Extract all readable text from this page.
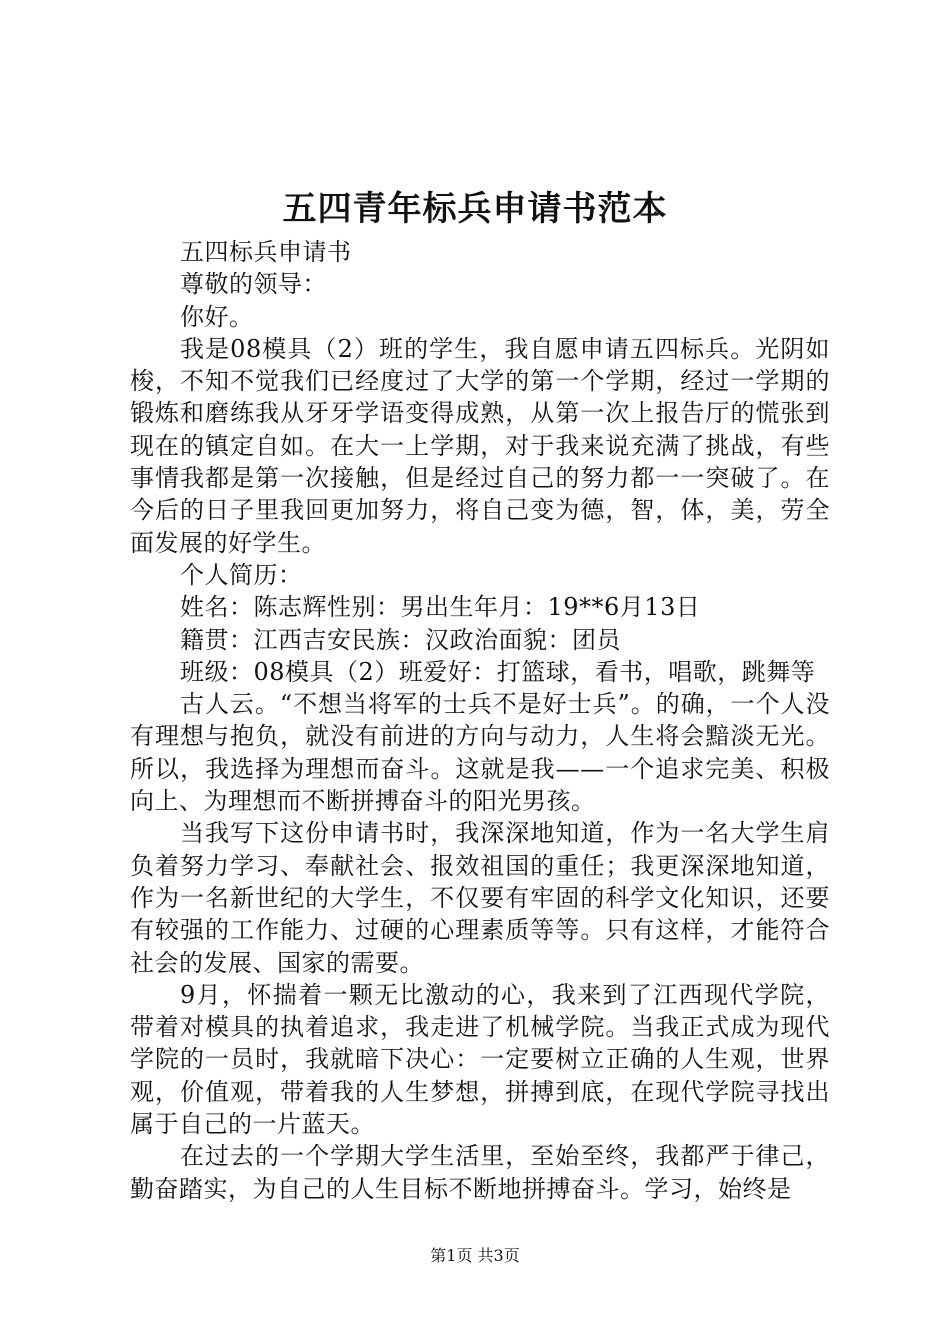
五四青年标兵申请书范本

五四标兵申请书

尊敬的领导：

你好。

我是08模具（2）班的学生，我自愿申请五四标兵。光阴如梭，不知不觉我们已经度过了大学的第一个学期，经过一学期的锻炼和磨练我从牙牙学语变得成熟，从第一次上报告厅的慌张到现在的镇定自如。在大一上学期，对于我来说充满了挑战，有些事情我都是第一次接触，但是经过自己的努力都一一突破了。在今后的日子里我回更加努力，将自己变为德，智，体，美，劳全面发展的好学生。

个人简历：

姓名：陈志辉性别：男出生年月：19**6月13日

籍贯：江西吉安民族：汉政治面貌：团员

班级：08模具（2）班爱好：打篮球，看书，唱歌，跳舞等

古人云。“不想当将军的士兵不是好士兵”。的确，一个人没有理想与抱负，就没有前进的方向与动力，人生将会黯淡无光。所以，我选择为理想而奋斗。这就是我——一个追求完美、积极向上、为理想而不断拼搏奋斗的阳光男孩。

当我写下这份申请书时，我深深地知道，作为一名大学生肩负着努力学习、奉献社会、报效祖国的重任；我更深深地知道，作为一名新世纪的大学生，不仅要有牢固的科学文化知识，还要有较强的工作能力、过硬的心理素质等等。只有这样，才能符合社会的发展、国家的需要。

9月，怀揣着一颗无比激动的心，我来到了江西现代学院，带着对模具的执着追求，我走进了机械学院。当我正式成为现代学院的一员时，我就暗下决心：一定要树立正确的人生观，世界观，价值观，带着我的人生梦想，拼搏到底，在现代学院寻找出属于自己的一片蓝天。

在过去的一个学期大学生活里，至始至终，我都严于律己，勤奋踏实，为自己的人生目标不断地拼搏奋斗。学习，始终是

第1页 共3页
